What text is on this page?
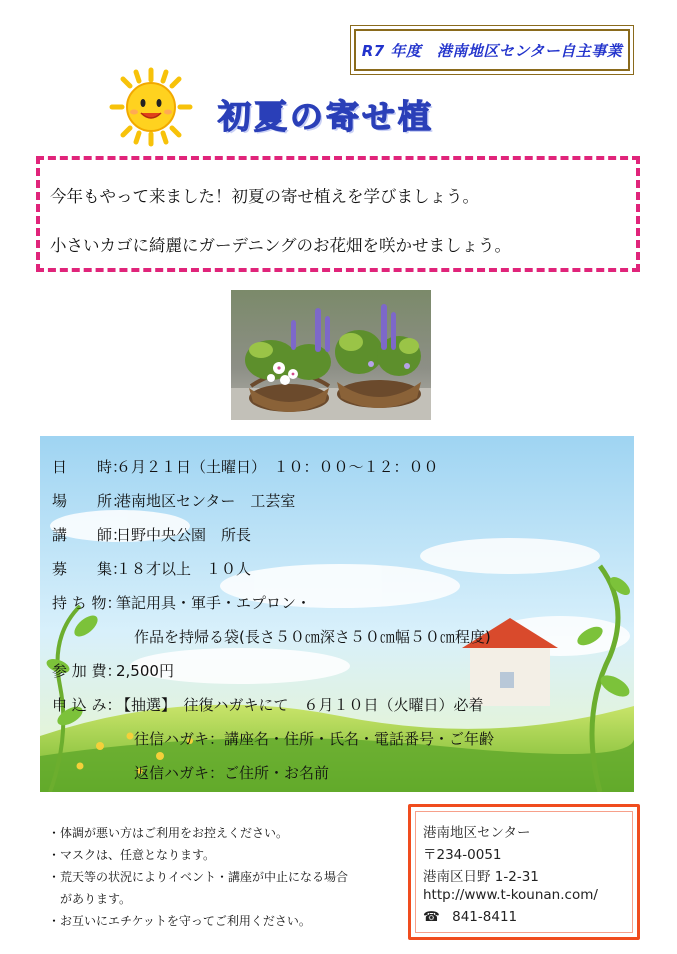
R7 年度　港南地区センター自主事業
初夏の寄せ植

今年もやって来ました！初夏の寄せ植えを学びましょう。

小さいカゴに綺麗にガーデニングのお花畑を咲かせましょう。

日　　時：６月２１日（土曜日）　１０：００〜１２：００
場　　所：港南地区センター　工芸室
講　　師：日野中央公園　所長
募　　集：１８才以上　１０人
持 ち 物：筆記用具・軍手・エプロン・
作品を持帰る袋(長さ５０㎝深さ５０㎝幅５０㎝程度)
参 加 費：2,500円
申 込 み：【抽選】　往復ハガキにて　６月１０日（火曜日）必着
往信ハガキ：講座名・住所・氏名・電話番号・ご年齢
返信ハガキ：ご住所・お名前
・体調が悪い方はご利用をお控えください。
・マスクは、任意となります。
・荒天等の状況によりイベント・講座が中止になる場合
　があります。
・お互いにエチケットを守ってご利用ください。
港南地区センター
〒234-0051
港南区日野 1-2-31
http://www.t-kounan.com/
☎ 841-8411
